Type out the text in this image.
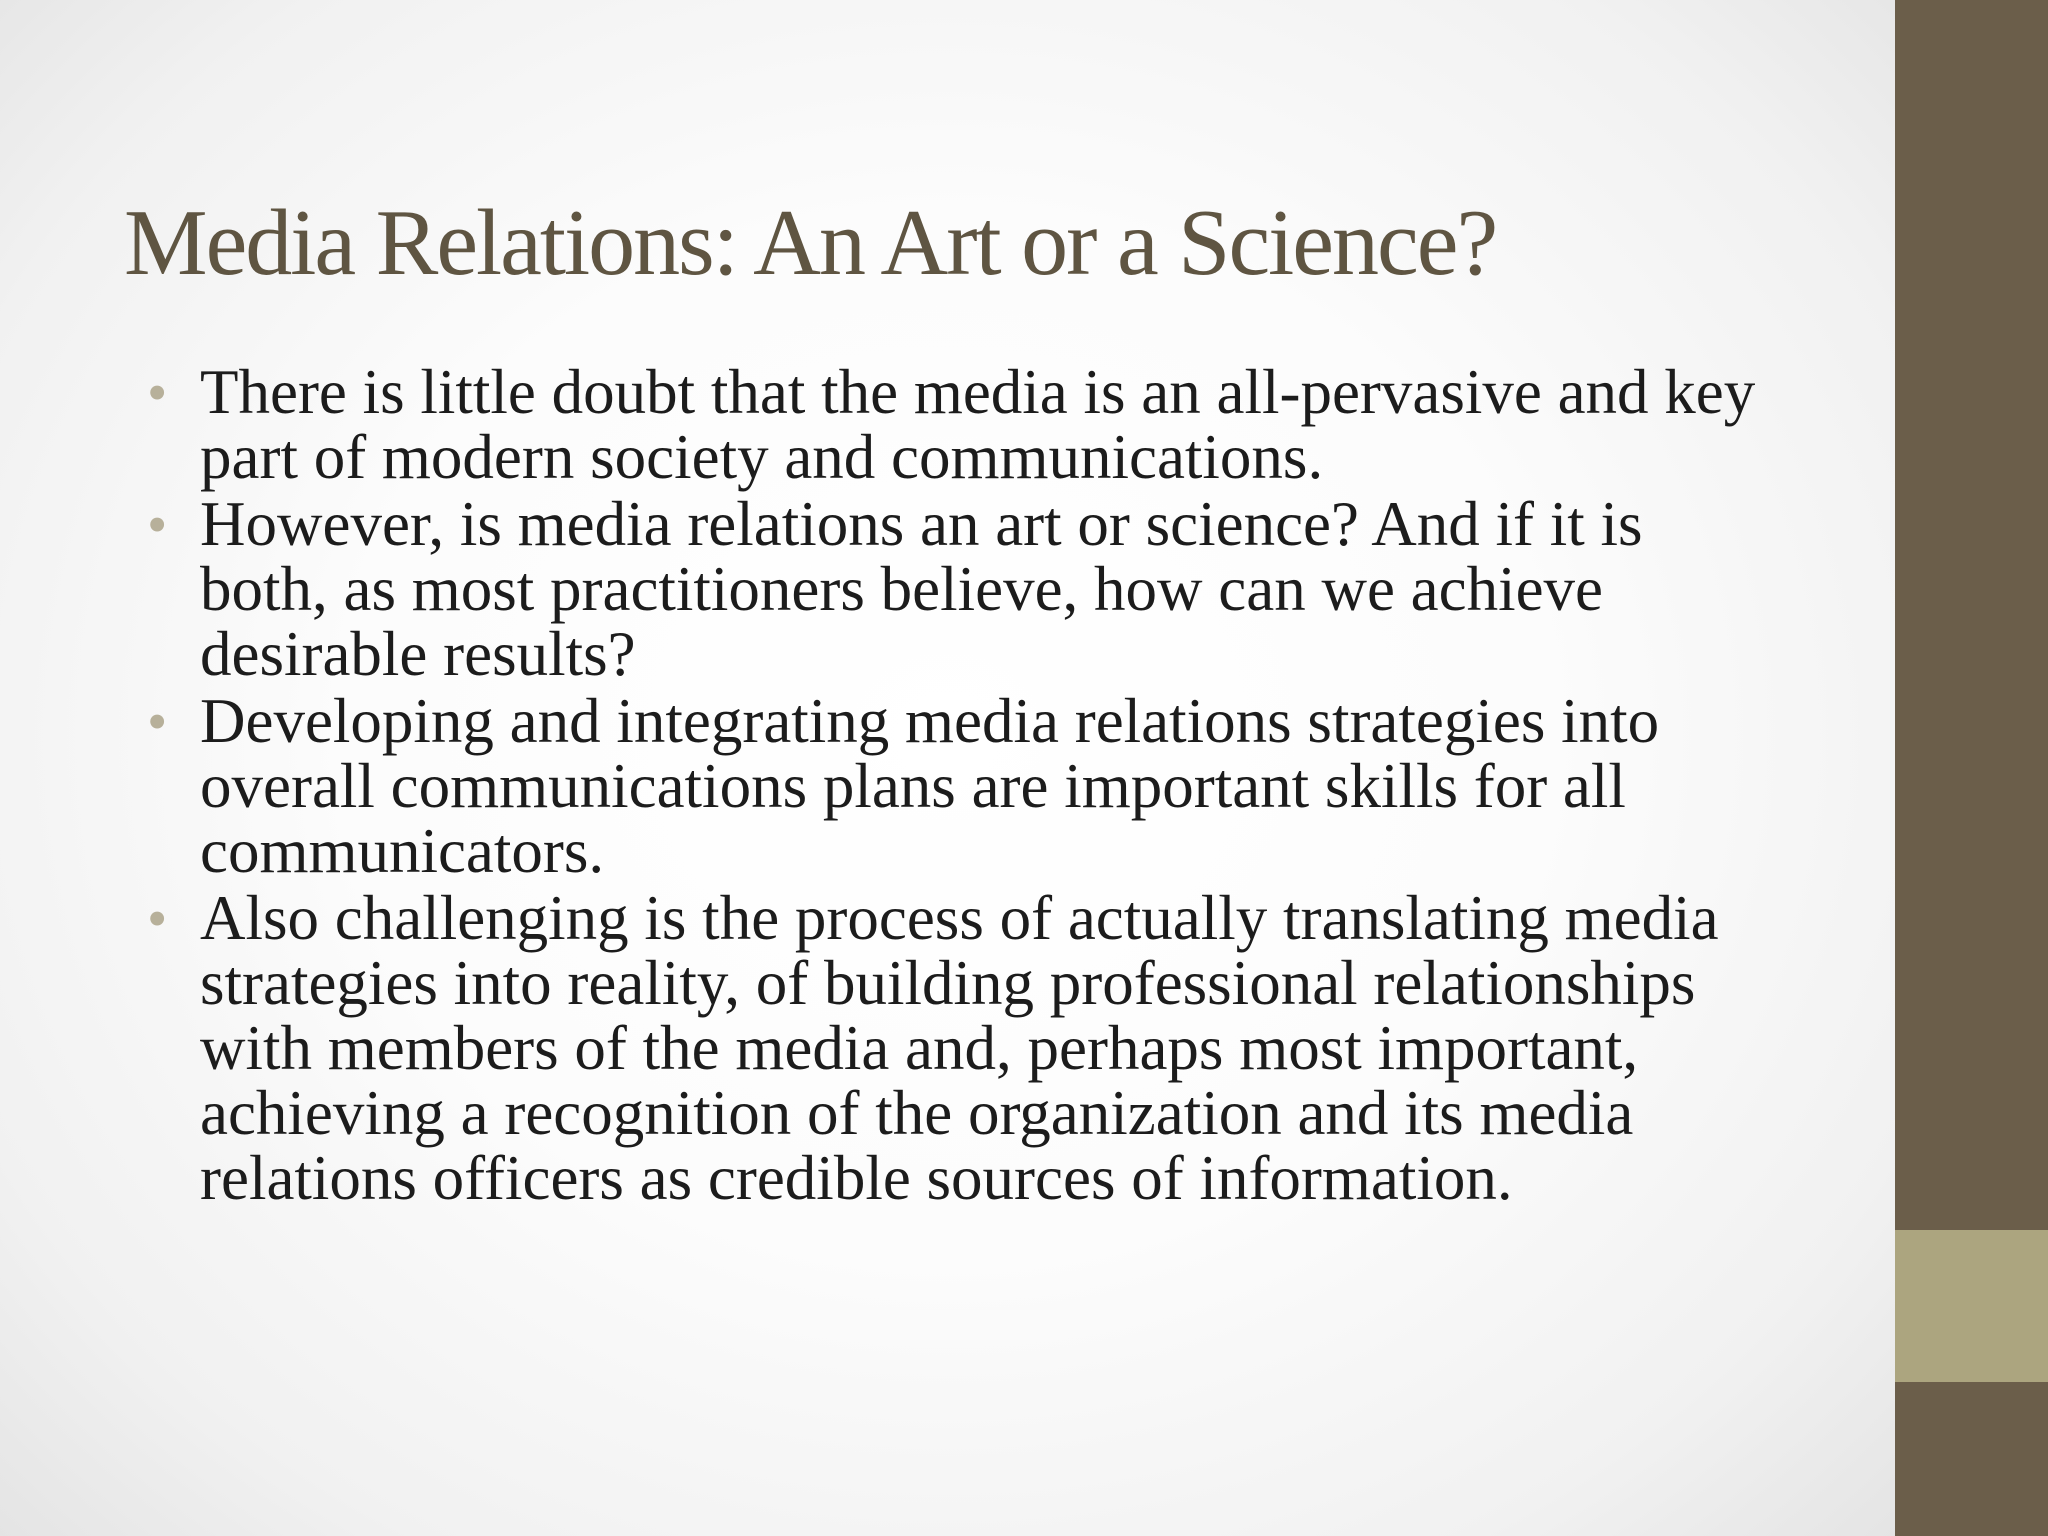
Media Relations: An Art or a Science?
• There is little doubt that the media is an all-pervasive and key part of modern society and communications.
• However, is media relations an art or science? And if it is both, as most practitioners believe, how can we achieve desirable results?
• Developing and integrating media relations strategies into overall communications plans are important skills for all communicators.
• Also challenging is the process of actually translating media strategies into reality, of building professional relationships with members of the media and, perhaps most important, achieving a recognition of the organization and its media relations officers as credible sources of information.
